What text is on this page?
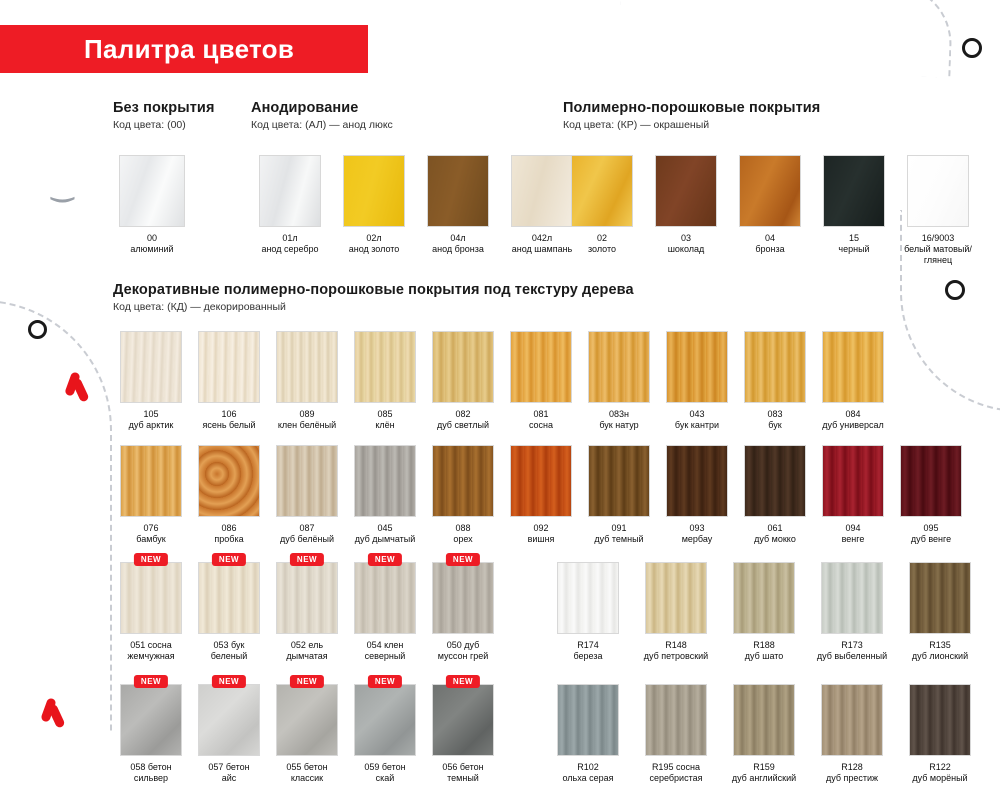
‿
Палитра цветов
Без покрытия
Код цвета: (00)
00
алюминий
Анодирование
Код цвета: (АЛ) — анод люкс
01л
анод серебро
02л
анод золото
04л
анод бронза
042л
анод шампань
Полимерно-порошковые покрытия
Код цвета: (КР) — окрашеный
02
золото
03
шоколад
04
бронза
15
черный
16/9003
белый матовый/глянец
Декоративные полимерно-порошковые покрытия под текстуру дерева
Код цвета: (КД) — декорированный
105
дуб арктик
106
ясень белый
089
клен белёный
085
клён
082
дуб светлый
081
сосна
083н
бук натур
043
бук кантри
083
бук
084
дуб универсал
076
бамбук
086
пробка
087
дуб белёный
045
дуб дымчатый
088
орех
092
вишня
091
дуб темный
093
мербау
061
дуб мокко
094
венге
095
дуб венге
051 сосна
жемчужная
NEW
053 бук
беленый
NEW
052 ель
дымчатая
NEW
054 клен
северный
NEW
050 дуб
муссон грей
NEW
058 бетон
сильвер
NEW
057 бетон
айс
NEW
055 бетон
классик
NEW
059 бетон
скай
NEW
056 бетон
темный
NEW
R174
береза
R148
дуб петровский
R188
дуб шато
R173
дуб выбеленный
R135
дуб лионский
R102
ольха серая
R195 сосна
серебристая
R159
дуб английский
R128
дуб престиж
R122
дуб морёный
